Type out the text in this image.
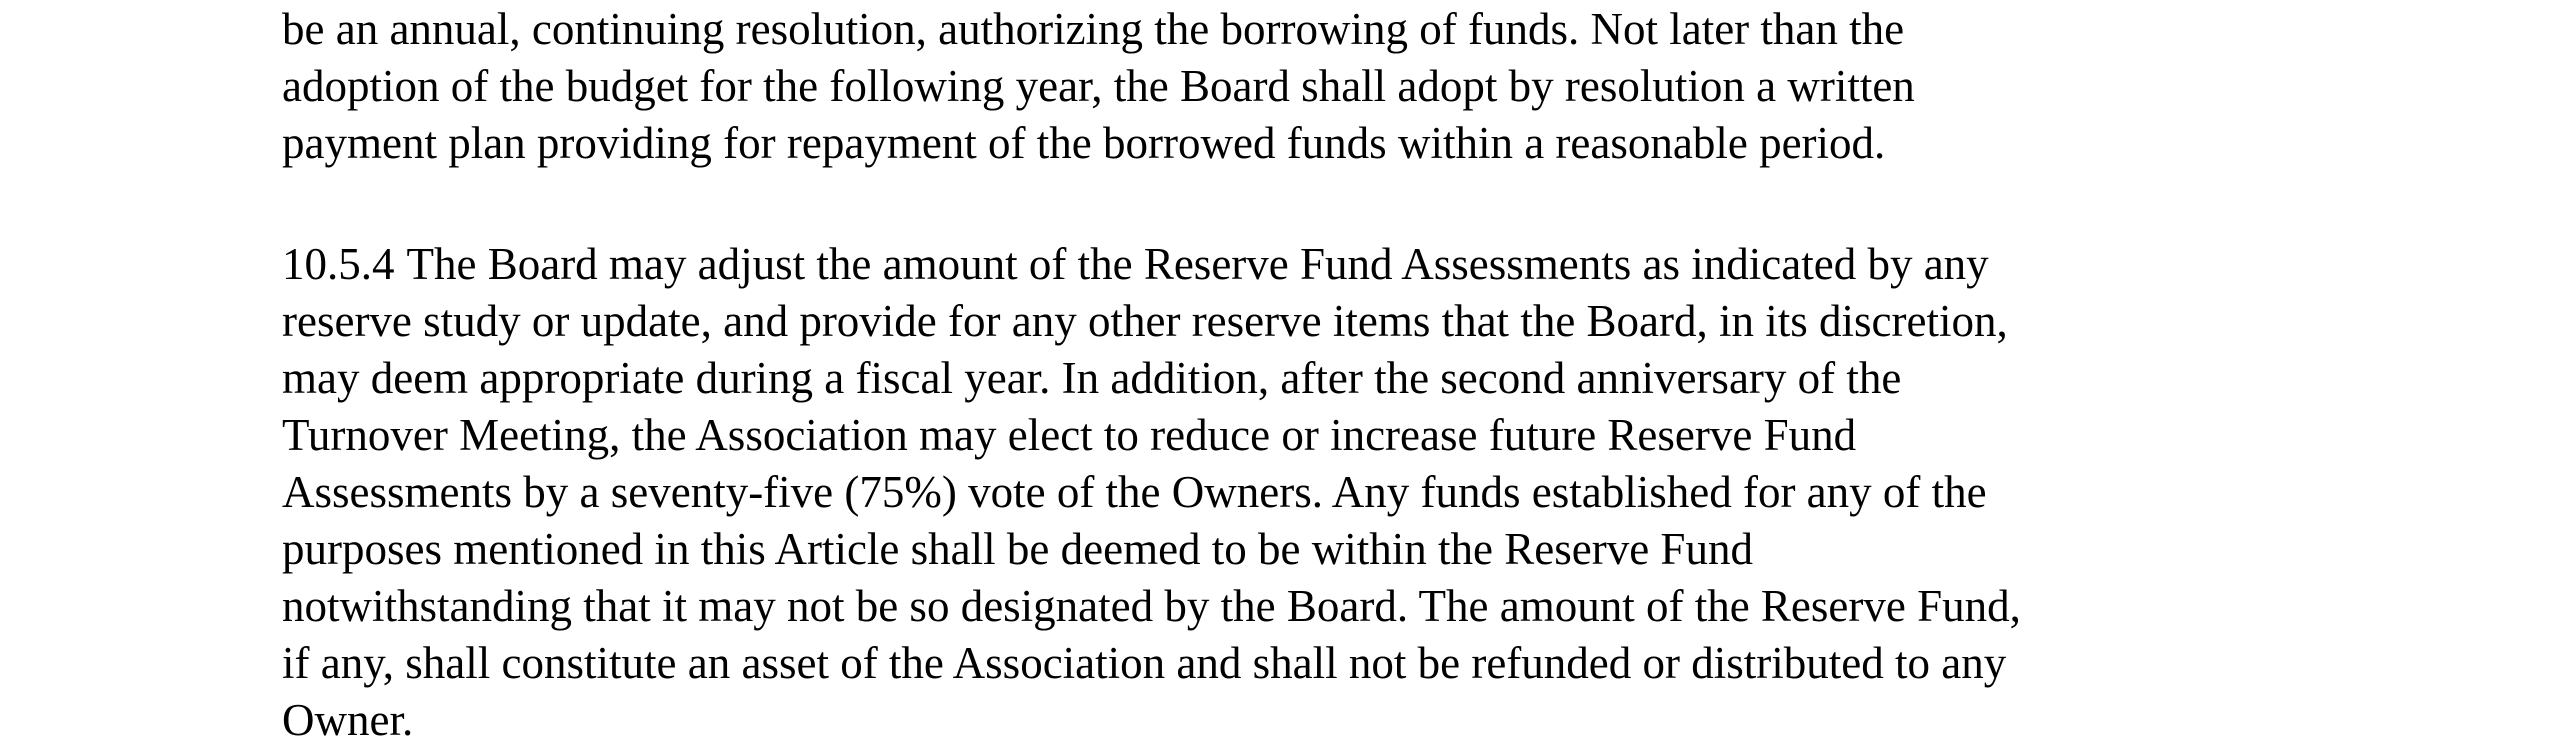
be an annual, continuing resolution, authorizing the borrowing of funds. Not later than the
adoption of the budget for the following year, the Board shall adopt by resolution a written
payment plan providing for repayment of the borrowed funds within a reasonable period.

10.5.4 The Board may adjust the amount of the Reserve Fund Assessments as indicated by any
reserve study or update, and provide for any other reserve items that the Board, in its discretion,
may deem appropriate during a fiscal year. In addition, after the second anniversary of the
Turnover Meeting, the Association may elect to reduce or increase future Reserve Fund
Assessments by a seventy-five (75%) vote of the Owners. Any funds established for any of the
purposes mentioned in this Article shall be deemed to be within the Reserve Fund
notwithstanding that it may not be so designated by the Board. The amount of the Reserve Fund,
if any, shall constitute an asset of the Association and shall not be refunded or distributed to any
Owner.
